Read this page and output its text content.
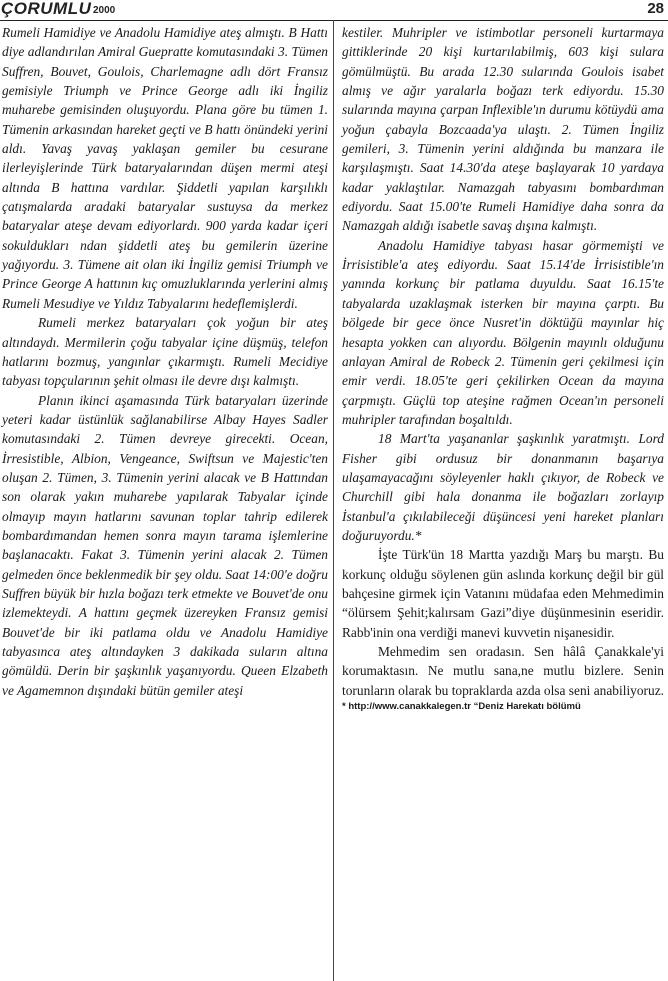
ÇORUMLU 2000	28

Rumeli Hamidiye ve Anadolu Hamidiye ateş almıştı. B Hattı diye adlandırılan Amiral Guepratte komutasındaki 3. Tümen Suffren, Bouvet, Goulois, Charlemagne adlı dört Fransız gemisiyle Triumph ve Prince George adlı iki İngiliz muharebe gemisinden oluşuyordu. Plana göre bu tümen 1. Tümenin arkasından hareket geçti ve B hattı önündeki yerini aldı. Yavaş yavaş yaklaşan gemiler bu cesurane ilerleyişlerinde Türk bataryalarından düşen mermi ateşi altında B hattına vardılar. Şiddetli yapılan karşılıklı çatışmalarda aradaki bataryalar sustuysa da merkez bataryalar ateşe devam ediyorlardı. 900 yarda kadar içeri sokuldukları ndan şiddetli ateş bu gemilerin üzerine yağıyordu. 3. Tümene ait olan iki İngiliz gemisi Triumph ve Prince George A hattının kıç omuzluklarında yerlerini almış Rumeli Mesudiye ve Yıldız Tabyalarını hedeflemişlerdi.

Rumeli merkez bataryaları çok yoğun bir ateş altındaydı. Mermilerin çoğu tabyalar içine düşmüş, telefon hatlarını bozmuş, yangınlar çıkarmıştı. Rumeli Mecidiye tabyası topçularının şehit olması ile devre dışı kalmıştı.

Planın ikinci aşamasında Türk bataryaları üzerinde yeteri kadar üstünlük sağlanabilirse Albay Hayes Sadler komutasındaki 2. Tümen devreye girecekti. Ocean, İrresistible, Albion, Vengeance, Swiftsun ve Majestic'ten oluşan 2. Tümen, 3. Tümenin yerini alacak ve B Hattından son olarak yakın muharebe yapılarak Tabyalar içinde olmayıp mayın hatlarını savunan toplar tahrip edilerek bombardımandan hemen sonra mayın tarama işlemlerine başlanacaktı. Fakat 3. Tümenin yerini alacak 2. Tümen gelmeden önce beklenmedik bir şey oldu. Saat 14:00'e doğru Suffren büyük bir hızla boğazı terk etmekte ve Bouvet'de onu izlemekteydi. A hattını geçmek üzereyken Fransız gemisi Bouvet'de bir iki patlama oldu ve Anadolu Hamidiye tabyasınca ateş altındayken 3 dakikada suların altına gömüldü. Derin bir şaşkınlık yaşanıyordu. Queen Elzabeth ve Agamemnon dışındaki bütün gemiler ateşi

kestiler. Muhripler ve istimbotlar personeli kurtarmaya gittiklerinde 20 kişi kurtarılabilmiş, 603 kişi sulara gömülmüştü. Bu arada 12.30 sularında Goulois isabet almış ve ağır yaralarla boğazı terk ediyordu. 15.30 sularında mayına çarpan Inflexible'ın durumu kötüydü ama yoğun çabayla Bozcaada'ya ulaştı. 2. Tümen İngiliz gemileri, 3. Tümenin yerini aldığında bu manzara ile karşılaşmıştı. Saat 14.30'da ateşe başlayarak 10 yardaya kadar yaklaştılar. Namazgah tabyasını bombardıman ediyordu. Saat 15.00'te Rumeli Hamidiye daha sonra da Namazgah aldığı isabetle savaş dışına kalmıştı.

Anadolu Hamidiye tabyası hasar görmemişti ve İrrisistible'a ateş ediyordu. Saat 15.14'de İrrisistible'ın yanında korkunç bir patlama duyuldu. Saat 16.15'te tabyalarda uzaklaşmak isterken bir mayına çarptı. Bu bölgede bir gece önce Nusret'in döktüğü mayınlar hiç hesapta yokken can alıyordu. Bölgenin mayınlı olduğunu anlayan Amiral de Robeck 2. Tümenin geri çekilmesi için emir verdi. 18.05'te geri çekilirken Ocean da mayına çarpmıştı. Güçlü top ateşine rağmen Ocean'ın personeli muhripler tarafından boşaltıldı.

18 Mart'ta yaşananlar şaşkınlık yaratmıştı. Lord Fisher gibi ordusuz bir donanmanın başarıya ulaşamayacağını söyleyenler haklı çıkıyor, de Robeck ve Churchill gibi hala donanma ile boğazları zorlayıp İstanbul'a çıkılabileceği düşüncesi yeni hareket planları doğuruyordu.*

İşte Türk'ün 18 Martta yazdığı Marş bu marştı. Bu korkunç olduğu söylenen gün aslında korkunç değil bir gül bahçesine girmek için Vatanını müdafaa eden Mehmedimin “ölürsem Şehit;kalırsam Gazi”diye düşünmesinin eseridir. Rabb'inin ona verdiği manevi kuvvetin nişanesidir.

Mehmedim sen oradasın. Sen hâlâ Çanakkale'yi korumaktasın. Ne mutlu sana,ne mutlu bizlere. Senin torunların olarak bu topraklarda azda olsa seni anabiliyoruz.

* http://www.canakkalegen.tr “Deniz Harekatı bölümü
